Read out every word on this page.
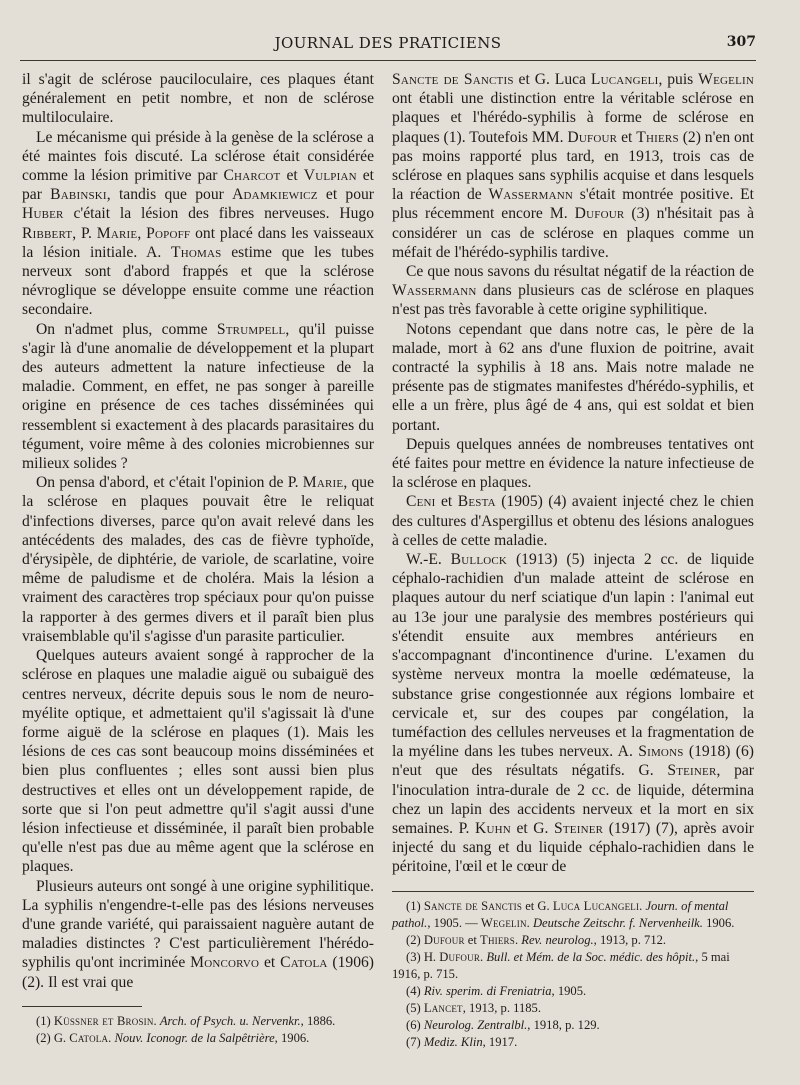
JOURNAL DES PRATICIENS	307

il s'agit de sclérose pauciloculaire, ces plaques étant généralement en petit nombre, et non de sclérose multiloculaire.

Le mécanisme qui préside à la genèse de la sclérose a été maintes fois discuté. La sclérose était considérée comme la lésion primitive par Charcot et Vulpian et par Babinski, tandis que pour Adamkiewicz et pour Huber c'était la lésion des fibres nerveuses. Hugo Ribbert, P. Marie, Popoff ont placé dans les vaisseaux la lésion initiale. A. Thomas estime que les tubes nerveux sont d'abord frappés et que la sclérose névroglique se développe ensuite comme une réaction secondaire.

On n'admet plus, comme Strumpell, qu'il puisse s'agir là d'une anomalie de développement et la plupart des auteurs admettent la nature infectieuse de la maladie. Comment, en effet, ne pas songer à pareille origine en présence de ces taches disséminées qui ressemblent si exactement à des placards parasitaires du tégument, voire même à des colonies microbiennes sur milieux solides ?

On pensa d'abord, et c'était l'opinion de P. Marie, que la sclérose en plaques pouvait être le reliquat d'infections diverses, parce qu'on avait relevé dans les antécédents des malades, des cas de fièvre typhoïde, d'érysipèle, de diphtérie, de variole, de scarlatine, voire même de paludisme et de choléra. Mais la lésion a vraiment des caractères trop spéciaux pour qu'on puisse la rapporter à des germes divers et il paraît bien plus vraisemblable qu'il s'agisse d'un parasite particulier.

Quelques auteurs avaient songé à rapprocher de la sclérose en plaques une maladie aiguë ou subaiguë des centres nerveux, décrite depuis sous le nom de neuro-myélite optique, et admettaient qu'il s'agissait là d'une forme aiguë de la sclérose en plaques (1). Mais les lésions de ces cas sont beaucoup moins disséminées et bien plus confluentes ; elles sont aussi bien plus destructives et elles ont un développement rapide, de sorte que si l'on peut admettre qu'il s'agit aussi d'une lésion infectieuse et disséminée, il paraît bien probable qu'elle n'est pas due au même agent que la sclérose en plaques.

Plusieurs auteurs ont songé à une origine syphilitique. La syphilis n'engendre-t-elle pas des lésions nerveuses d'une grande variété, qui paraissaient naguère autant de maladies distinctes ? C'est particulièrement l'hérédo-syphilis qu'ont incriminée Moncorvo et Catola (1906) (2). Il est vrai que

(1) Küssner et Brosin. Arch. of Psych. u. Nervenkr., 1886.

(2) G. Catola. Nouv. Iconogr. de la Salpêtrière, 1906.

Sancte de Sanctis et G. Luca Lucangeli, puis Wegelin ont établi une distinction entre la véritable sclérose en plaques et l'hérédo-syphilis à forme de sclérose en plaques (1). Toutefois MM. Dufour et Thiers (2) n'en ont pas moins rapporté plus tard, en 1913, trois cas de sclérose en plaques sans syphilis acquise et dans lesquels la réaction de Wassermann s'était montrée positive. Et plus récemment encore M. Dufour (3) n'hésitait pas à considérer un cas de sclérose en plaques comme un méfait de l'hérédo-syphilis tardive.

Ce que nous savons du résultat négatif de la réaction de Wassermann dans plusieurs cas de sclérose en plaques n'est pas très favorable à cette origine syphilitique.

Notons cependant que dans notre cas, le père de la malade, mort à 62 ans d'une fluxion de poitrine, avait contracté la syphilis à 18 ans. Mais notre malade ne présente pas de stigmates manifestes d'hérédo-syphilis, et elle a un frère, plus âgé de 4 ans, qui est soldat et bien portant.

Depuis quelques années de nombreuses tentatives ont été faites pour mettre en évidence la nature infectieuse de la sclérose en plaques.

Ceni et Besta (1905) (4) avaient injecté chez le chien des cultures d'Aspergillus et obtenu des lésions analogues à celles de cette maladie.

W.-E. Bullock (1913) (5) injecta 2 cc. de liquide céphalo-rachidien d'un malade atteint de sclérose en plaques autour du nerf sciatique d'un lapin : l'animal eut au 13e jour une paralysie des membres postérieurs qui s'étendit ensuite aux membres antérieurs en s'accompagnant d'incontinence d'urine. L'examen du système nerveux montra la moelle œdémateuse, la substance grise congestionnée aux régions lombaire et cervicale et, sur des coupes par congélation, la tuméfaction des cellules nerveuses et la fragmentation de la myéline dans les tubes nerveux. A. Simons (1918) (6) n'eut que des résultats négatifs. G. Steiner, par l'inoculation intra-durale de 2 cc. de liquide, détermina chez un lapin des accidents nerveux et la mort en six semaines. P. Kuhn et G. Steiner (1917) (7), après avoir injecté du sang et du liquide céphalo-rachidien dans le péritoine, l'œil et le cœur de

(1) Sancte de Sanctis et G. Luca Lucangeli. Journ. of mental pathol., 1905. — Wegelin. Deutsche Zeitschr. f. Nervenheilk. 1906.

(2) Dufour et Thiers. Rev. neurolog., 1913, p. 712.

(3) H. Dufour. Bull. et Mém. de la Soc. médic. des hôpit., 5 mai 1916, p. 715.

(4) Riv. sperim. di Freniatria, 1905.

(5) Lancet, 1913, p. 1185.

(6) Neurolog. Zentralbl., 1918, p. 129.

(7) Mediz. Klin, 1917.
